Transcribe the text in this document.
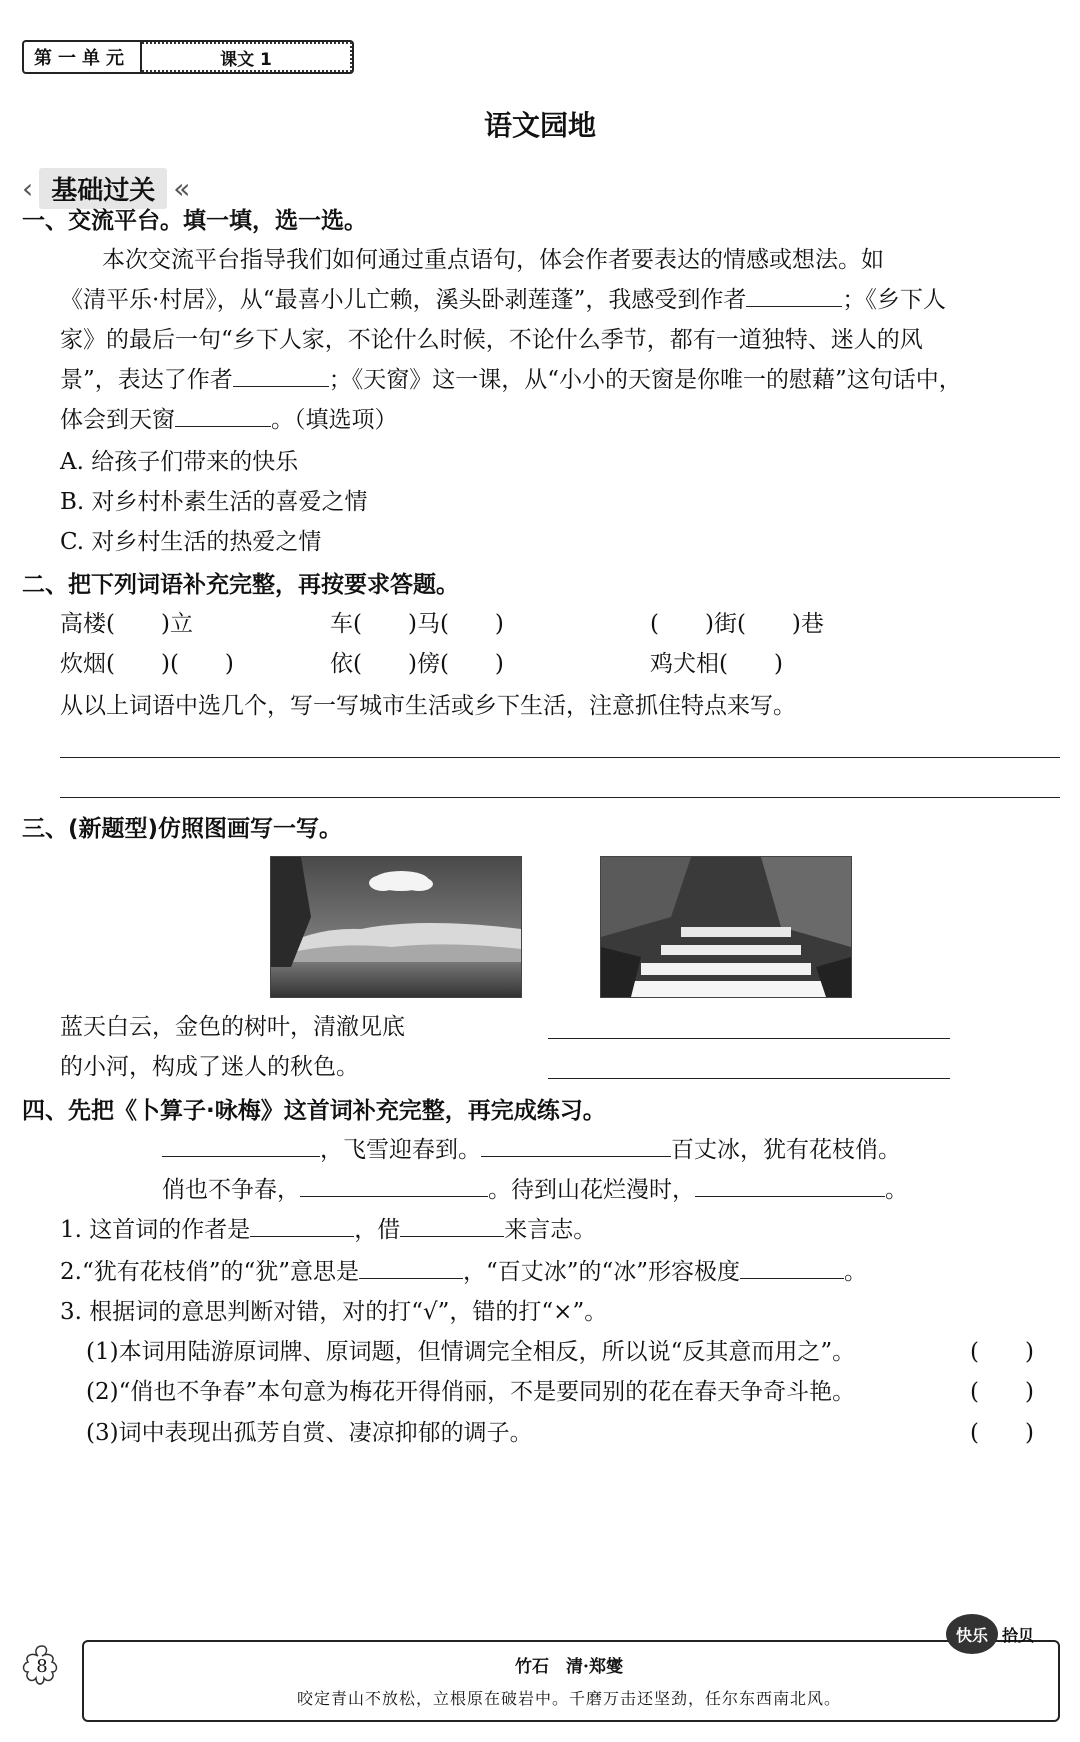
第一单元	课文 1
语文园地
‹ 基础过关 «
一、交流平台。填一填，选一选。
本次交流平台指导我们如何通过重点语句，体会作者要表达的情感或想法。如
《清平乐·村居》，从“最喜小儿亡赖，溪头卧剥莲蓬”，我感受到作者	；《乡下人
家》的最后一句“乡下人家，不论什么时候，不论什么季节，都有一道独特、迷人的风
景”，表达了作者	；《天窗》这一课，从“小小的天窗是你唯一的慰藉”这句话中，
体会到天窗	。（填选项）
A. 给孩子们带来的快乐
B. 对乡村朴素生活的喜爱之情
C. 对乡村生活的热爱之情
二、把下列词语补充完整，再按要求答题。
高楼(　　)立	车(　　)马(　　)	(　　)街(　　)巷
炊烟(　　)(　　)	依(　　)傍(　　)	鸡犬相(　　)
从以上词语中选几个，写一写城市生活或乡下生活，注意抓住特点来写。
三、(新题型)仿照图画写一写。
蓝天白云，金色的树叶，清澈见底
的小河，构成了迷人的秋色。
四、先把《卜算子·咏梅》这首词补充完整，再完成练习。
，飞雪迎春到。	百丈冰，犹有花枝俏。
俏也不争春，	。待到山花烂漫时，	。
1. 这首词的作者是	，借	来言志。
2.“犹有花枝俏”的“犹”意思是	，“百丈冰”的“冰”形容极度	。
3. 根据词的意思判断对错，对的打“√”，错的打“×”。
(1)本词用陆游原词牌、原词题，但情调完全相反，所以说“反其意而用之”。	(　　)
(2)“俏也不争春”本句意为梅花开得俏丽，不是要同别的花在春天争奇斗艳。	(　　)
(3)词中表现出孤芳自赏、凄凉抑郁的调子。	(　　)
8	竹石　清·郑燮
咬定青山不放松，立根原在破岩中。千磨万击还坚劲，任尔东西南北风。
快乐 拾贝
